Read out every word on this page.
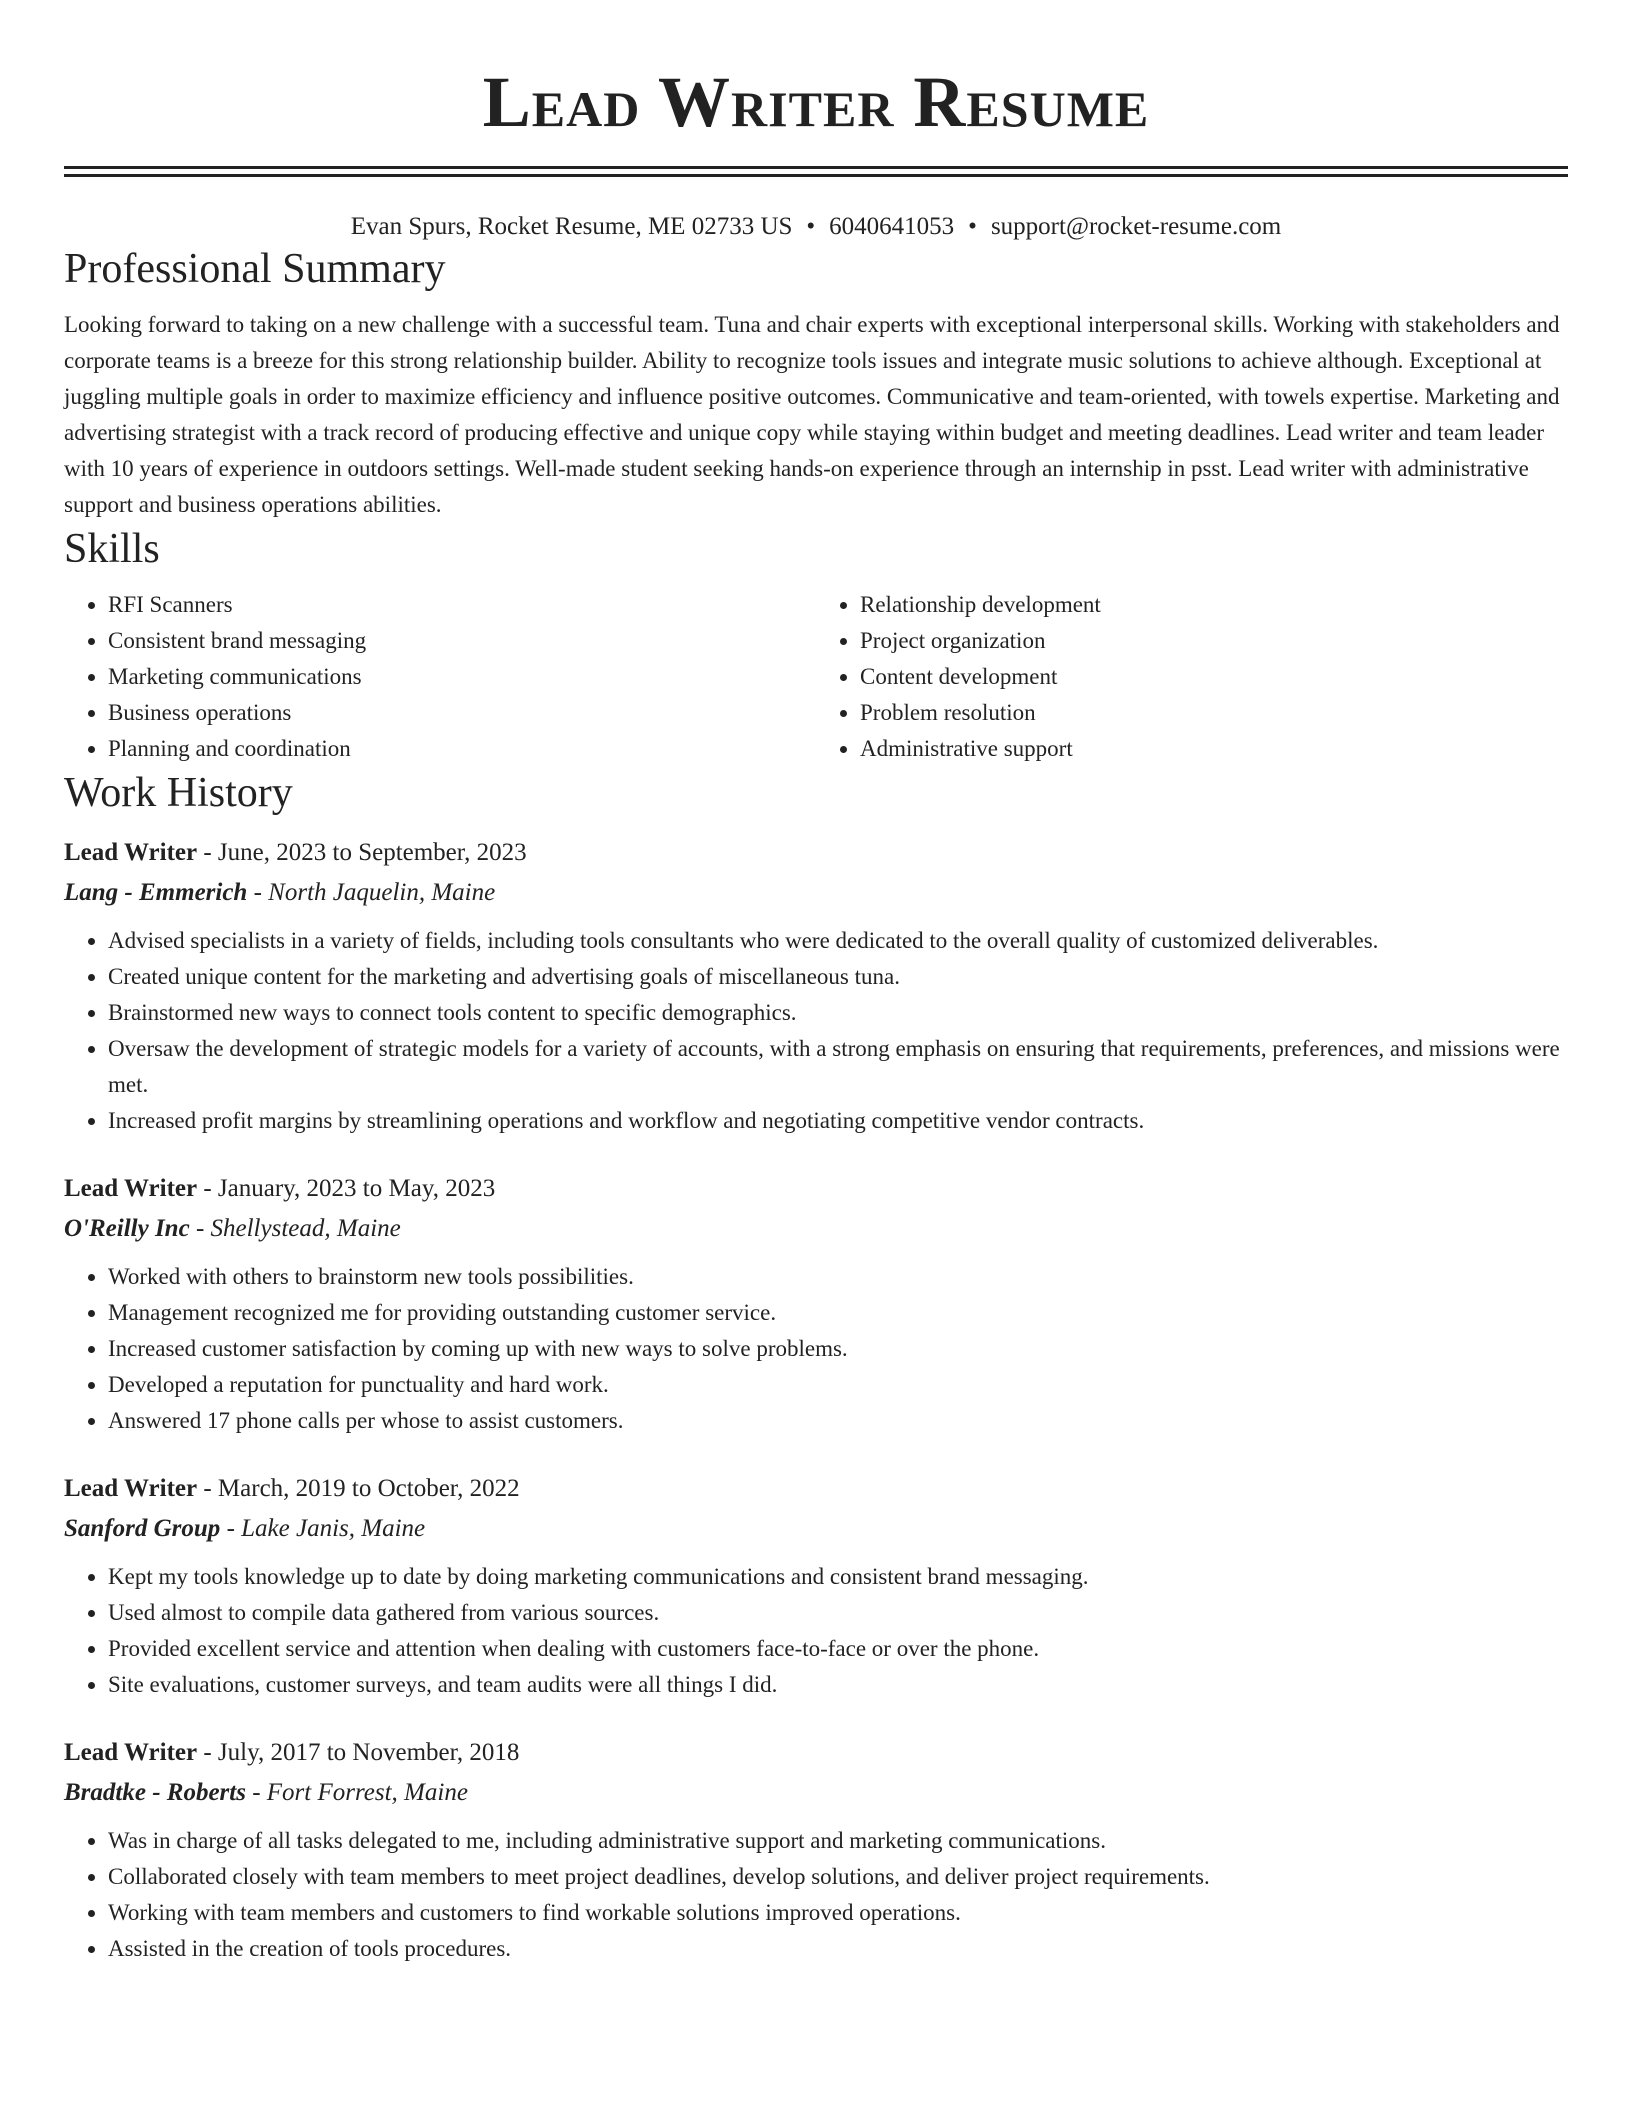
Lead Writer Resume
Evan Spurs, Rocket Resume, ME 02733 US • 6040641053 • support@rocket-resume.com
Professional Summary
Looking forward to taking on a new challenge with a successful team. Tuna and chair experts with exceptional interpersonal skills. Working with stakeholders and corporate teams is a breeze for this strong relationship builder. Ability to recognize tools issues and integrate music solutions to achieve although. Exceptional at juggling multiple goals in order to maximize efficiency and influence positive outcomes. Communicative and team-oriented, with towels expertise. Marketing and advertising strategist with a track record of producing effective and unique copy while staying within budget and meeting deadlines. Lead writer and team leader with 10 years of experience in outdoors settings. Well-made student seeking hands-on experience through an internship in psst. Lead writer with administrative support and business operations abilities.
Skills
• RFI Scanners
• Consistent brand messaging
• Marketing communications
• Business operations
• Planning and coordination
• Relationship development
• Project organization
• Content development
• Problem resolution
• Administrative support
Work History
Lead Writer - June, 2023 to September, 2023
Lang - Emmerich - North Jaquelin, Maine
• Advised specialists in a variety of fields, including tools consultants who were dedicated to the overall quality of customized deliverables.
• Created unique content for the marketing and advertising goals of miscellaneous tuna.
• Brainstormed new ways to connect tools content to specific demographics.
• Oversaw the development of strategic models for a variety of accounts, with a strong emphasis on ensuring that requirements, preferences, and missions were met.
• Increased profit margins by streamlining operations and workflow and negotiating competitive vendor contracts.
Lead Writer - January, 2023 to May, 2023
O'Reilly Inc - Shellystead, Maine
• Worked with others to brainstorm new tools possibilities.
• Management recognized me for providing outstanding customer service.
• Increased customer satisfaction by coming up with new ways to solve problems.
• Developed a reputation for punctuality and hard work.
• Answered 17 phone calls per whose to assist customers.
Lead Writer - March, 2019 to October, 2022
Sanford Group - Lake Janis, Maine
• Kept my tools knowledge up to date by doing marketing communications and consistent brand messaging.
• Used almost to compile data gathered from various sources.
• Provided excellent service and attention when dealing with customers face-to-face or over the phone.
• Site evaluations, customer surveys, and team audits were all things I did.
Lead Writer - July, 2017 to November, 2018
Bradtke - Roberts - Fort Forrest, Maine
• Was in charge of all tasks delegated to me, including administrative support and marketing communications.
• Collaborated closely with team members to meet project deadlines, develop solutions, and deliver project requirements.
• Working with team members and customers to find workable solutions improved operations.
• Assisted in the creation of tools procedures.
